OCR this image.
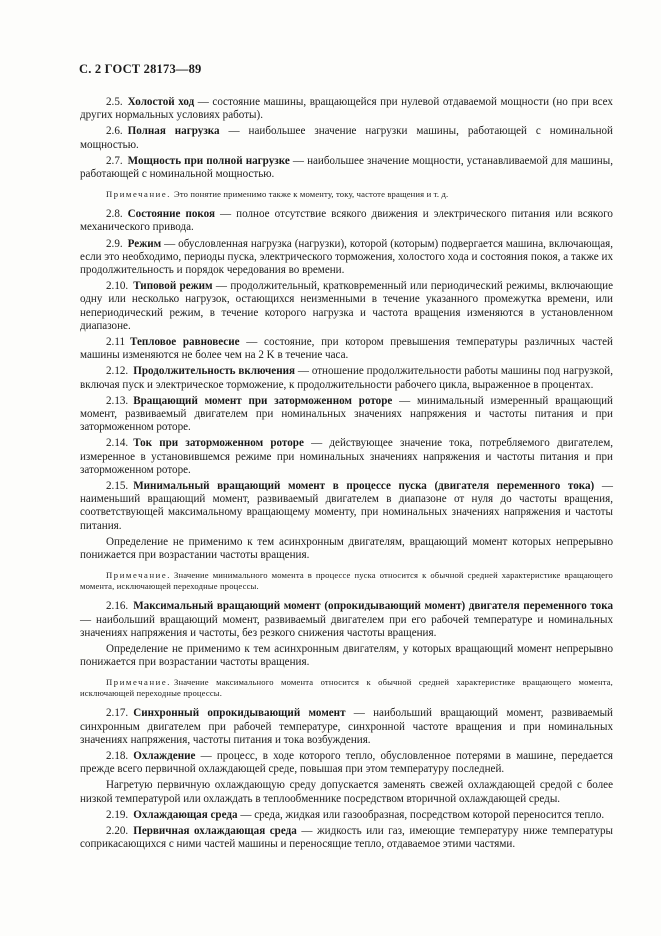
С. 2 ГОСТ 28173—89
2.5. Холостой ход — состояние машины, вращающейся при нулевой отдаваемой мощности (но при всех других нормальных условиях работы).
2.6. Полная нагрузка — наибольшее значение нагрузки машины, работающей с номинальной мощностью.
2.7. Мощность при полной нагрузке — наибольшее значение мощности, устанавливаемой для машины, работающей с номинальной мощностью.
Примечание. Это понятие применимо также к моменту, току, частоте вращения и т. д.
2.8. Состояние покоя — полное отсутствие всякого движения и электрического питания или всякого механического привода.
2.9. Режим — обусловленная нагрузка (нагрузки), которой (которым) подвергается машина, включающая, если это необходимо, периоды пуска, электрического торможения, холостого хода и состояния покоя, а также их продолжительность и порядок чередования во времени.
2.10. Типовой режим — продолжительный, кратковременный или периодический режимы, включающие одну или несколько нагрузок, остающихся неизменными в течение указанного промежутка времени, или непериодический режим, в течение которого нагрузка и частота вращения изменяются в установленном диапазоне.
2.11 Тепловое равновесие — состояние, при котором превышения температуры различных частей машины изменяются не более чем на 2 K в течение часа.
2.12. Продолжительность включения — отношение продолжительности работы машины под нагрузкой, включая пуск и электрическое торможение, к продолжительности рабочего цикла, выраженное в процентах.
2.13. Вращающий момент при заторможенном роторе — минимальный измеренный вращающий момент, развиваемый двигателем при номинальных значениях напряжения и частоты питания и при заторможенном роторе.
2.14. Ток при заторможенном роторе — действующее значение тока, потребляемого двигателем, измеренное в установившемся режиме при номинальных значениях напряжения и частоты питания и при заторможенном роторе.
2.15. Минимальный вращающий момент в процессе пуска (двигателя переменного тока) — наименьший вращающий момент, развиваемый двигателем в диапазоне от нуля до частоты вращения, соответствующей максимальному вращающему моменту, при номинальных значениях напряжения и частоты питания.
Определение не применимо к тем асинхронным двигателям, вращающий момент которых непрерывно понижается при возрастании частоты вращения.
Примечание. Значение минимального момента в процессе пуска относится к обычной средней характеристике вращающего момента, исключающей переходные процессы.
2.16. Максимальный вращающий момент (опрокидывающий момент) двигателя переменного тока — наибольший вращающий момент, развиваемый двигателем при его рабочей температуре и номинальных значениях напряжения и частоты, без резкого снижения частоты вращения.
Определение не применимо к тем асинхронным двигателям, у которых вращающий момент непрерывно понижается при возрастании частоты вращения.
Примечание. Значение максимального момента относится к обычной средней характеристике вращающего момента, исключающей переходные процессы.
2.17. Синхронный опрокидывающий момент — наибольший вращающий момент, развиваемый синхронным двигателем при рабочей температуре, синхронной частоте вращения и при номинальных значениях напряжения, частоты питания и тока возбуждения.
2.18. Охлаждение — процесс, в ходе которого тепло, обусловленное потерями в машине, передается прежде всего первичной охлаждающей среде, повышая при этом температуру последней.
Нагретую первичную охлаждающую среду допускается заменять свежей охлаждающей средой с более низкой температурой или охлаждать в теплообменнике посредством вторичной охлаждающей среды.
2.19. Охлаждающая среда — среда, жидкая или газообразная, посредством которой переносится тепло.
2.20. Первичная охлаждающая среда — жидкость или газ, имеющие температуру ниже температуры соприкасающихся с ними частей машины и переносящие тепло, отдаваемое этими частями.
